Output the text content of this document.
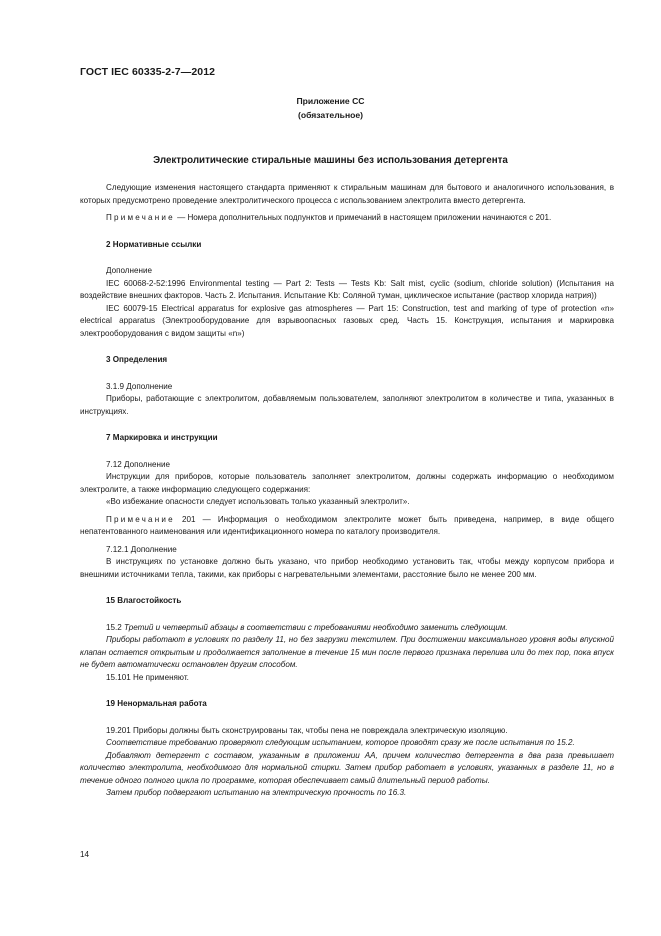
ГОСТ IEC 60335-2-7—2012
Приложение СС
(обязательное)
Электролитические стиральные машины без использования детергента

Следующие изменения настоящего стандарта применяют к стиральным машинам для бытового и аналогичного использования, в которых предусмотрено проведение электролитического процесса с использованием электролита вместо детергента.

Примечание — Номера дополнительных подпунктов и примечаний в настоящем приложении начинаются с 201.

2 Нормативные ссылки

Дополнение

IEC 60068-2-52:1996 Environmental testing — Part 2: Tests — Tests Kb: Salt mist, cyclic (sodium, chloride solution) (Испытания на воздействие внешних факторов. Часть 2. Испытания. Испытание Kb: Соляной туман, циклическое испытание (раствор хлорида натрия))

IEC 60079-15 Electrical apparatus for explosive gas atmospheres — Part 15: Construction, test and marking of type of protection «n» electrical apparatus (Электрооборудование для взрывоопасных газовых сред. Часть 15. Конструкция, испытания и маркировка электрооборудования с видом защиты «n»)

3 Определения

3.1.9 Дополнение

Приборы, работающие с электролитом, добавляемым пользователем, заполняют электролитом в количестве и типа, указанных в инструкциях.

7 Маркировка и инструкции

7.12 Дополнение

Инструкции для приборов, которые пользователь заполняет электролитом, должны содержать информацию о необходимом электролите, а также информацию следующего содержания:

«Во избежание опасности следует использовать только указанный электролит».

Примечание 201 — Информация о необходимом электролите может быть приведена, например, в виде общего непатентованного наименования или идентификационного номера по каталогу производителя.

7.12.1 Дополнение

В инструкциях по установке должно быть указано, что прибор необходимо установить так, чтобы между корпусом прибора и внешними источниками тепла, такими, как приборы с нагревательными элементами, расстояние было не менее 200 мм.

15 Влагостойкость

15.2 Третий и четвертый абзацы в соответствии с требованиями необходимо заменить следующим.

Приборы работают в условиях по разделу 11, но без загрузки текстилем. При достижении максимального уровня воды впускной клапан остается открытым и продолжается заполнение в течение 15 мин после первого признака перелива или до тех пор, пока впуск не будет автоматически остановлен другим способом.

15.101 Не применяют.

19 Ненормальная работа

19.201 Приборы должны быть сконструированы так, чтобы пена не повреждала электрическую изоляцию.

Соответствие требованию проверяют следующим испытанием, которое проводят сразу же после испытания по 15.2.

Добавляют детергент с составом, указанным в приложении АА, причем количество детергента в два раза превышает количество электролита, необходимого для нормальной стирки. Затем прибор работает в условиях, указанных в разделе 11, но в течение одного полного цикла по программе, которая обеспечивает самый длительный период работы.

Затем прибор подвергают испытанию на электрическую прочность по 16.3.

14
